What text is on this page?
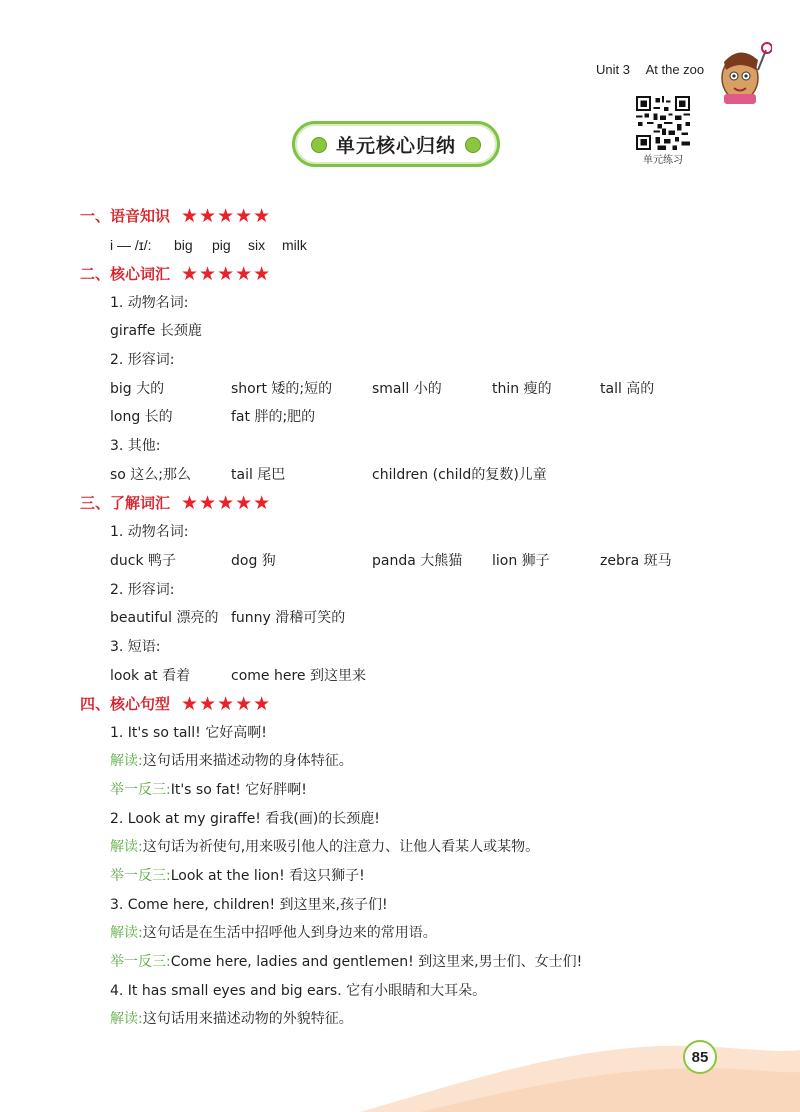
Unit 3 At the zoo
单元练习
单元核心归纳
一、语音知识 ★★★★★
i — /ɪ/: big pig six milk
二、核心词汇 ★★★★★
1. 动物名词:
giraffe 长颈鹿
2. 形容词:
big 大的	short 矮的;短的	small 小的	thin 瘦的	tall 高的
long 长的	fat 胖的;肥的
3. 其他:
so 这么;那么	tail 尾巴	children (child的复数)儿童
三、了解词汇 ★★★★★
1. 动物名词:
duck 鸭子	dog 狗	panda 大熊猫 lion 狮子	zebra 斑马
2. 形容词:
beautiful 漂亮的 funny 滑稽可笑的
3. 短语:
look at 看着	come here 到这里来
四、核心句型 ★★★★★
1. It's so tall! 它好高啊!
解读:这句话用来描述动物的身体特征。
举一反三:It's so fat! 它好胖啊!
2. Look at my giraffe! 看我(画)的长颈鹿!
解读:这句话为祈使句,用来吸引他人的注意力、让他人看某人或某物。
举一反三:Look at the lion! 看这只狮子!
3. Come here, children! 到这里来,孩子们!
解读:这句话是在生活中招呼他人到身边来的常用语。
举一反三:Come here, ladies and gentlemen! 到这里来,男士们、女士们!
4. It has small eyes and big ears. 它有小眼睛和大耳朵。
解读:这句话用来描述动物的外貌特征。
85
